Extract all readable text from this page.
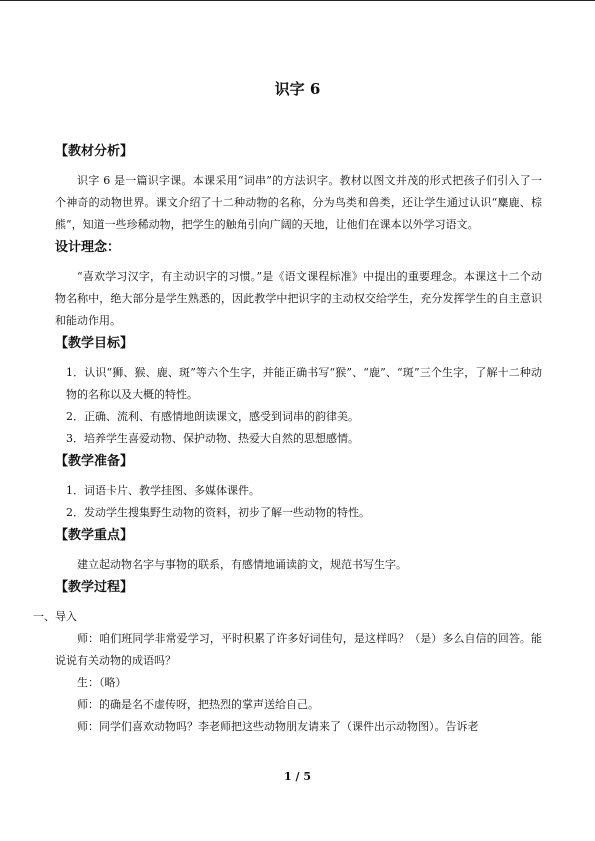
识字 6
【教材分析】

识字 6 是一篇识字课。本课采用“词串”的方法识字。教材以图文并茂的形式把孩子们引入了一个神奇的动物世界。课文介绍了十二种动物的名称，分为鸟类和兽类，还让学生通过认识“麋鹿、棕熊”，知道一些珍稀动物，把学生的触角引向广阔的天地，让他们在课本以外学习语文。

设计理念：

“喜欢学习汉字，有主动识字的习惯。”是《语文课程标准》中提出的重要理念。本课这十二个动物名称中，绝大部分是学生熟悉的，因此教学中把识字的主动权交给学生，充分发挥学生的自主意识和能动作用。

【教学目标】

1．认识“狮、猴、鹿、斑”等六个生字，并能正确书写“猴”、“鹿”、“斑”三个生字，了解十二种动物的名称以及大概的特性。

2．正确、流利、有感情地朗读课文，感受到词串的韵律美。

3．培养学生喜爱动物、保护动物、热爱大自然的思想感情。

【教学准备】

1．词语卡片、教学挂图、多媒体课件。

2．发动学生搜集野生动物的资料，初步了解一些动物的特性。

【教学重点】

建立起动物名字与事物的联系，有感情地诵读韵文，规范书写生字。

【教学过程】

一、导入

师：咱们班同学非常爱学习，平时积累了许多好词佳句，是这样吗？（是）多么自信的回答。能说说有关动物的成语吗？

生：（略）

师：的确是名不虚传呀，把热烈的掌声送给自己。

师：同学们喜欢动物吗？李老师把这些动物朋友请来了（课件出示动物图）。告诉老

1 / 5
